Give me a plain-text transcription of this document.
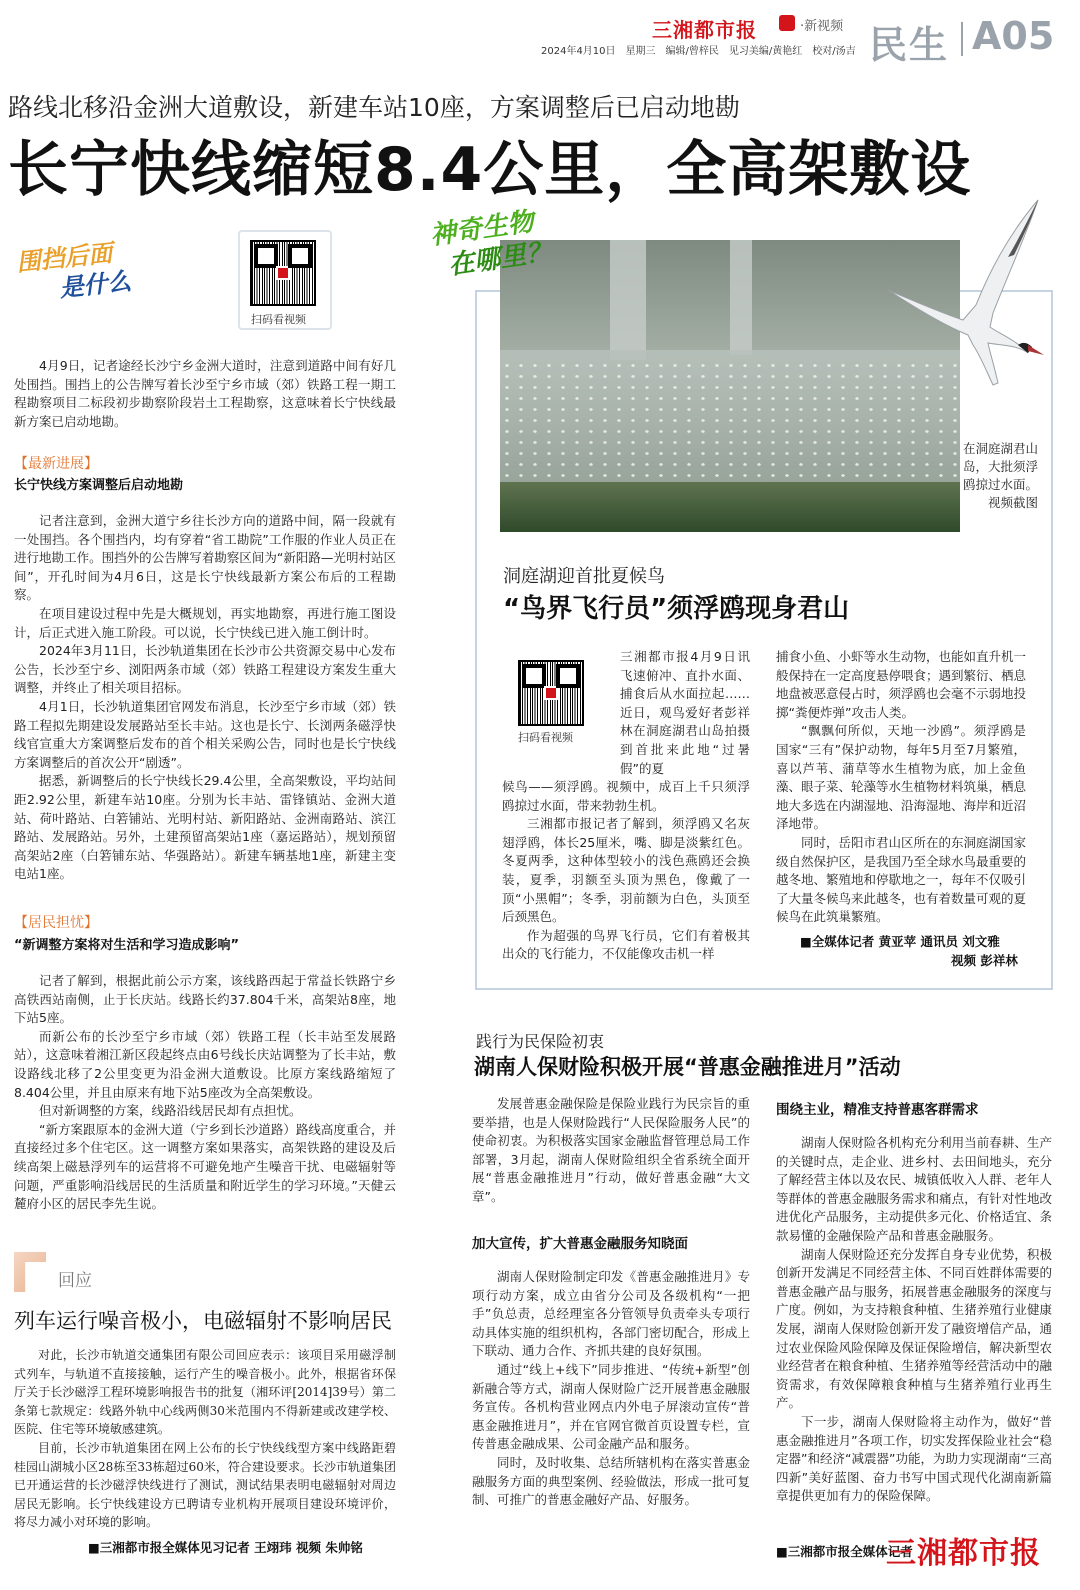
三湘都市报	·新视频
2024年4月10日　星期三　编辑/曾梓民　见习美编/黄艳红　校对/汤吉 民生 A05
路线北移沿金洲大道敷设，新建车站10座，方案调整后已启动地勘
长宁快线缩短8.4公里，全高架敷设
围挡后面
是什么
扫码看视频

4月9日，记者途经长沙宁乡金洲大道时，注意到道路中间有好几处围挡。围挡上的公告牌写着长沙至宁乡市域（郊）铁路工程一期工程勘察项目二标段初步勘察阶段岩土工程勘察，这意味着长宁快线最新方案已启动地勘。

【最新进展】
长宁快线方案调整后启动地勘

记者注意到，金洲大道宁乡往长沙方向的道路中间，隔一段就有一处围挡。各个围挡内，均有穿着“省工勘院”工作服的作业人员正在进行地勘工作。围挡外的公告牌写着勘察区间为“新阳路—光明村站区间”，开孔时间为4月6日，这是长宁快线最新方案公布后的工程勘察。

在项目建设过程中先是大概规划，再实地勘察，再进行施工图设计，后正式进入施工阶段。可以说，长宁快线已进入施工倒计时。

2024年3月11日，长沙轨道集团在长沙市公共资源交易中心发布公告，长沙至宁乡、浏阳两条市域（郊）铁路工程建设方案发生重大调整，并终止了相关项目招标。

4月1日，长沙轨道集团官网发布消息，长沙至宁乡市域（郊）铁路工程拟先期建设发展路站至长丰站。这也是长宁、长浏两条磁浮快线官宣重大方案调整后发布的首个相关采购公告，同时也是长宁快线方案调整后的首次公开“剧透”。

据悉，新调整后的长宁快线长29.4公里，全高架敷设，平均站间距2.92公里，新建车站10座。分别为长丰站、雷锋镇站、金洲大道站、荷叶路站、白箬铺站、光明村站、新阳路站、金洲南路站、滨江路站、发展路站。另外，土建预留高架站1座（嘉运路站），规划预留高架站2座（白箬铺东站、华强路站）。新建车辆基地1座，新建主变电站1座。

【居民担忧】
“新调整方案将对生活和学习造成影响”

记者了解到，根据此前公示方案，该线路西起于常益长铁路宁乡高铁西站南侧，止于长庆站。线路长约37.804千米，高架站8座，地下站5座。

而新公布的长沙至宁乡市域（郊）铁路工程（长丰站至发展路站），这意味着湘江新区段起终点由6号线长庆站调整为了长丰站，敷设路线北移了2公里变更为沿金洲大道敷设。比原方案线路缩短了8.404公里，并且由原来有地下站5座改为全高架敷设。

但对新调整的方案，线路沿线居民却有点担忧。

“新方案跟原本的金洲大道（宁乡到长沙道路）路线高度重合，并直接经过多个住宅区。这一调整方案如果落实，高架铁路的建设及后续高架上磁悬浮列车的运营将不可避免地产生噪音干扰、电磁辐射等问题，严重影响沿线居民的生活质量和附近学生的学习环境。”天健云麓府小区的居民李先生说。

回应
列车运行噪音极小，电磁辐射不影响居民

对此，长沙市轨道交通集团有限公司回应表示：该项目采用磁浮制式列车，与轨道不直接接触，运行产生的噪音极小。此外，根据省环保厅关于长沙磁浮工程环境影响报告书的批复（湘环评[2014]39号）第二条第七款规定：线路外轨中心线两侧30米范围内不得新建或改建学校、医院、住宅等环境敏感建筑。

目前，长沙市轨道集团在网上公布的长宁快线线型方案中线路距碧桂园山湖城小区28栋至33栋超过60米，符合建设要求。长沙市轨道集团已开通运营的长沙磁浮快线进行了测试，测试结果表明电磁辐射对周边居民无影响。长宁快线建设方已聘请专业机构开展项目建设环境评价，将尽力减小对环境的影响。

■三湘都市报全媒体见习记者 王翊玮 视频 朱帅铭
神奇生物
在哪里？
在洞庭湖君山岛，大批须浮鸥掠过水面。视频截图
洞庭湖迎首批夏候鸟
“鸟界飞行员”须浮鸥现身君山
扫码看视频

三湘都市报4月9日讯　飞速俯冲、直扑水面、捕食后从水面拉起……近日，观鸟爱好者彭祥林在洞庭湖君山岛拍摄到首批来此地“过暑假”的夏

候鸟——须浮鸥。视频中，成百上千只须浮鸥掠过水面，带来勃勃生机。

三湘都市报记者了解到，须浮鸥又名灰翅浮鸥，体长25厘米，嘴、脚是淡紫红色。冬夏两季，这种体型较小的浅色燕鸥还会换装，夏季，羽额至头顶为黑色，像戴了一顶“小黑帽”；冬季，羽前额为白色，头顶至后颈黑色。

作为超强的鸟界飞行员，它们有着极其出众的飞行能力，不仅能像攻击机一样

捕食小鱼、小虾等水生动物，也能如直升机一般保持在一定高度悬停喂食；遇到繁衍、栖息地盘被恶意侵占时，须浮鸥也会毫不示弱地投掷“粪便炸弹”攻击人类。

“飘飘何所似，天地一沙鸥”。须浮鸥是国家“三有”保护动物，每年5月至7月繁殖，喜以芦苇、蒲草等水生植物为底，加上金鱼藻、眼子菜、轮藻等水生植物材料筑巢，栖息地大多选在内湖湿地、沿海湿地、海岸和近沼泽地带。

同时，岳阳市君山区所在的东洞庭湖国家级自然保护区，是我国乃至全球水鸟最重要的越冬地、繁殖地和停歇地之一，每年不仅吸引了大量冬候鸟来此越冬，也有着数量可观的夏候鸟在此筑巢繁殖。

■全媒体记者 黄亚苹 通讯员 刘文雅
视频 彭祥林
践行为民保险初衷
湖南人保财险积极开展“普惠金融推进月”活动

发展普惠金融保险是保险业践行为民宗旨的重要举措，也是人保财险践行“人民保险服务人民”的使命初衷。为积极落实国家金融监督管理总局工作部署，3月起，湖南人保财险组织全省系统全面开展“普惠金融推进月”行动，做好普惠金融“大文章”。

加大宣传，扩大普惠金融服务知晓面

湖南人保财险制定印发《普惠金融推进月》专项行动方案，成立由省分公司及各级机构“一把手”负总责，总经理室各分管领导负责牵头专项行动具体实施的组织机构，各部门密切配合，形成上下联动、通力合作、齐抓共建的良好氛围。

通过“线上+线下”同步推进、“传统+新型”创新融合等方式，湖南人保财险广泛开展普惠金融服务宣传。各机构营业网点内外电子屏滚动宣传“普惠金融推进月”，并在官网官微首页设置专栏，宣传普惠金融成果、公司金融产品和服务。

同时，及时收集、总结所辖机构在落实普惠金融服务方面的典型案例、经验做法，形成一批可复制、可推广的普惠金融好产品、好服务。

围绕主业，精准支持普惠客群需求

湖南人保财险各机构充分利用当前春耕、生产的关键时点，走企业、进乡村、去田间地头，充分了解经营主体以及农民、城镇低收入人群、老年人等群体的普惠金融服务需求和痛点，有针对性地改进优化产品服务，主动提供多元化、价格适宜、条款易懂的金融保险产品和普惠金融服务。

湖南人保财险还充分发挥自身专业优势，积极创新开发满足不同经营主体、不同百姓群体需要的普惠金融产品与服务，拓展普惠金融服务的深度与广度。例如，为支持粮食种植、生猪养殖行业健康发展，湖南人保财险创新开发了融资增信产品，通过农业保险风险保障及保证保险增信，解决新型农业经营者在粮食种植、生猪养殖等经营活动中的融资需求，有效保障粮食种植与生猪养殖行业再生产。

下一步，湖南人保财险将主动作为，做好“普惠金融推进月”各项工作，切实发挥保险业社会“稳定器”和经济“减震器”功能，为助力实现湖南“三高四新”美好蓝图、奋力书写中国式现代化湖南新篇章提供更加有力的保险保障。

■三湘都市报全媒体记者
三湘都市报
